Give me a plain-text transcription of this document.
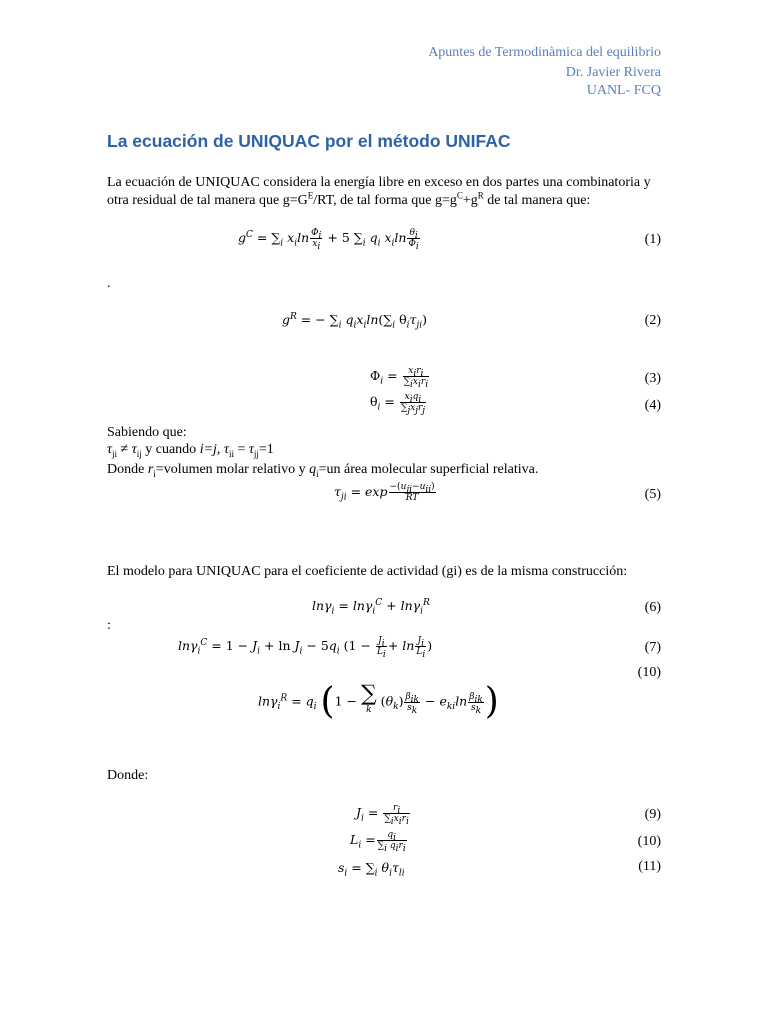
Apuntes de Termodinàmica del equilibrio
Dr. Javier Rivera
UANL- FCQ
La ecuación de UNIQUAC por el método UNIFAC
La ecuación de UNIQUAC considera la energía libre en exceso en dos partes una combinatoria y otra residual de tal manera que $g=G^E/RT$, de tal forma que $g=g^C+g^R$ de tal manera que:
$g^C = \sum_i$ $x_i\ln \frac{\Phi_i}{x_i} + 5$ $\sum_i$ $q_i$ $x_i\ln \frac{\theta_i}{\Phi_i}$	(1)
.
$g^R$ = − $\sum_i$ $q_ix_i\ln(\sum_i$ $\theta_i\tau_{ji}$)	(2)
$\Phi_i = \frac{x_ir_i}{\sum_ix_ir_i}$	(3)
$\theta_i = \frac{x_iq_i}{\sum_jx_jr_j}$	(4)
Sabiendo que:
$\tau_{ji} \ne \tau_{ij}$ y cuando i=j, $\tau_{ii} = \tau_{jj}=1$
Donde $r_i=volumen$ molar relativo y $q_i=un$ área molecular superficial relativa.
$\tau_{ji} = \exp \frac{-(u_{ji}-u_{ii})}{RT}$	(5)
El modelo para UNIQUAC para el coeficiente de actividad (gi) es de la misma construcción:
lnγ$_i$ = lnγ$_i^C$ + lnγ$_i^R$	(6)
:
$\ln\gamma_i^C = 1 - J_i + \ln J_i - 5q_i$ ($1 - \frac{J_i}{L_i} + \ln \frac{J_i}{L_i}$ )	(7)
(10)
$\ln\gamma_i^R = q_i$ (1 − ∑
k $(\theta_k) \frac{\beta_{ik}}{s_k} - e_{ki}\ln \frac{\beta_{ik}}{s_k}$ )
Donde:
$J_i = \frac{r_i}{\sum_ix_ir_i}$	(9)
$L_i = \frac{q_i}{\sum_i q_ir_i}$	(10)
$s_i = \sum_i$ $\theta_i\tau_{li}$	(11)
